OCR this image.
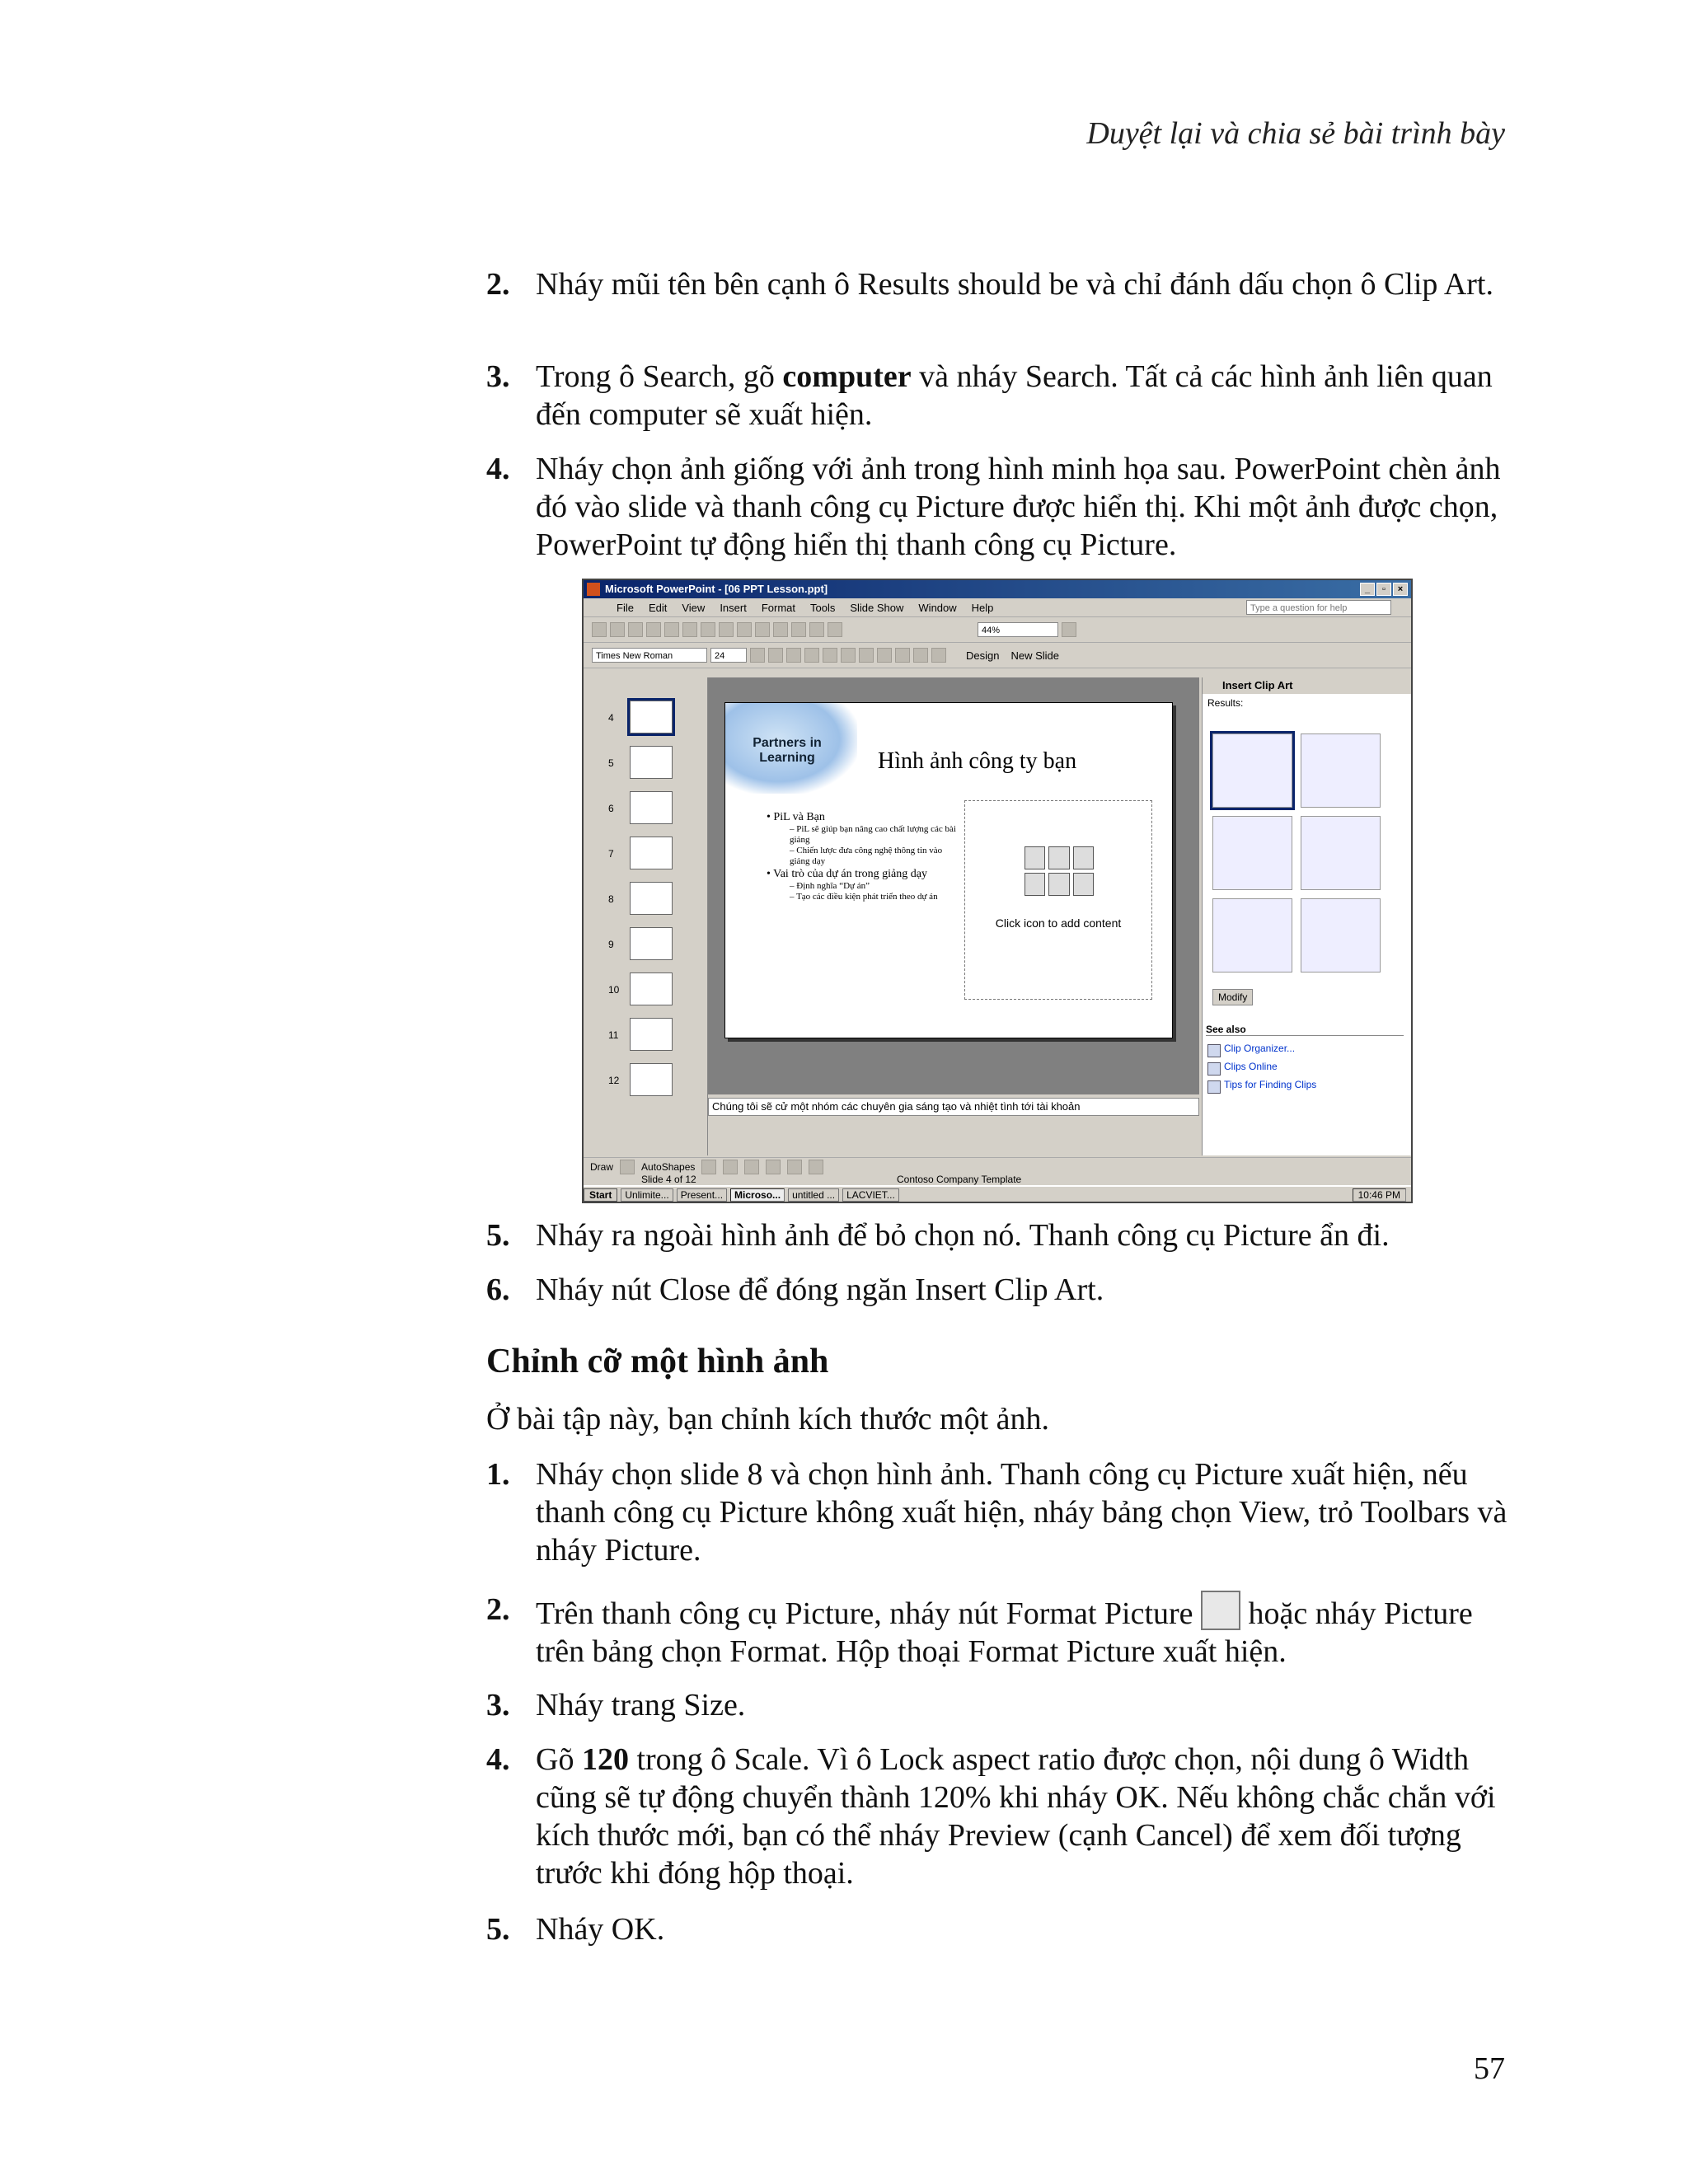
Duyệt lại và chia sẻ bài trình bày
2. Nháy mũi tên bên cạnh ô Results should be và chỉ đánh dấu chọn ô Clip Art.
3. Trong ô Search, gõ computer và nháy Search. Tất cả các hình ảnh liên quan đến computer sẽ xuất hiện.
4. Nháy chọn ảnh giống với ảnh trong hình minh họa sau. PowerPoint chèn ảnh đó vào slide và thanh công cụ Picture được hiển thị. Khi một ảnh được chọn, PowerPoint tự động hiển thị thanh công cụ Picture.
Microsoft PowerPoint - [06 PPT Lesson.ppt]	_	▫	×
File Edit View Insert Format Tools Slide Show Window Help	Type a question for help
44%
Times New Roman	24	Design New Slide
4
5
6
7
8
9
10
11
12
Partners in Learning	Hình ảnh công ty bạn
• PiL và Bạn
– PiL sẽ giúp bạn nâng cao chất lượng các bài giảng
– Chiến lược đưa công nghệ thông tin vào giảng dạy
• Vai trò của dự án trong giảng dạy
– Định nghĩa “Dự án”
– Tạo các điều kiện phát triển theo dự án
Click icon to add content
Chúng tôi sẽ cử một nhóm các chuyên gia sáng tạo và nhiệt tình tới tài khoản
Insert Clip Art
Results:
Modify
See also
Clip Organizer...
Clips Online
Tips for Finding Clips
Draw	AutoShapes
Slide 4 of 12	Contoso Company Template
Start	Unlimite...	Present...	Microso...	untitled ...	LACVIET...	10:46 PM
5. Nháy ra ngoài hình ảnh để bỏ chọn nó. Thanh công cụ Picture ẩn đi.
6. Nháy nút Close để đóng ngăn Insert Clip Art.
Chỉnh cỡ một hình ảnh
Ở bài tập này, bạn chỉnh kích thước một ảnh.
1. Nháy chọn slide 8 và chọn hình ảnh. Thanh công cụ Picture xuất hiện, nếu thanh công cụ Picture không xuất hiện, nháy bảng chọn View, trỏ Toolbars và nháy Picture.
2. Trên thanh công cụ Picture, nháy nút Format Picture  hoặc nháy Picture trên bảng chọn Format. Hộp thoại Format Picture xuất hiện.
3. Nháy trang Size.
4. Gõ 120 trong ô Scale. Vì ô Lock aspect ratio được chọn, nội dung ô Width cũng sẽ tự động chuyển thành 120% khi nháy OK. Nếu không chắc chắn với kích thước mới, bạn có thể nháy Preview (cạnh Cancel) để xem đối tượng trước khi đóng hộp thoại.
5. Nháy OK.
57
